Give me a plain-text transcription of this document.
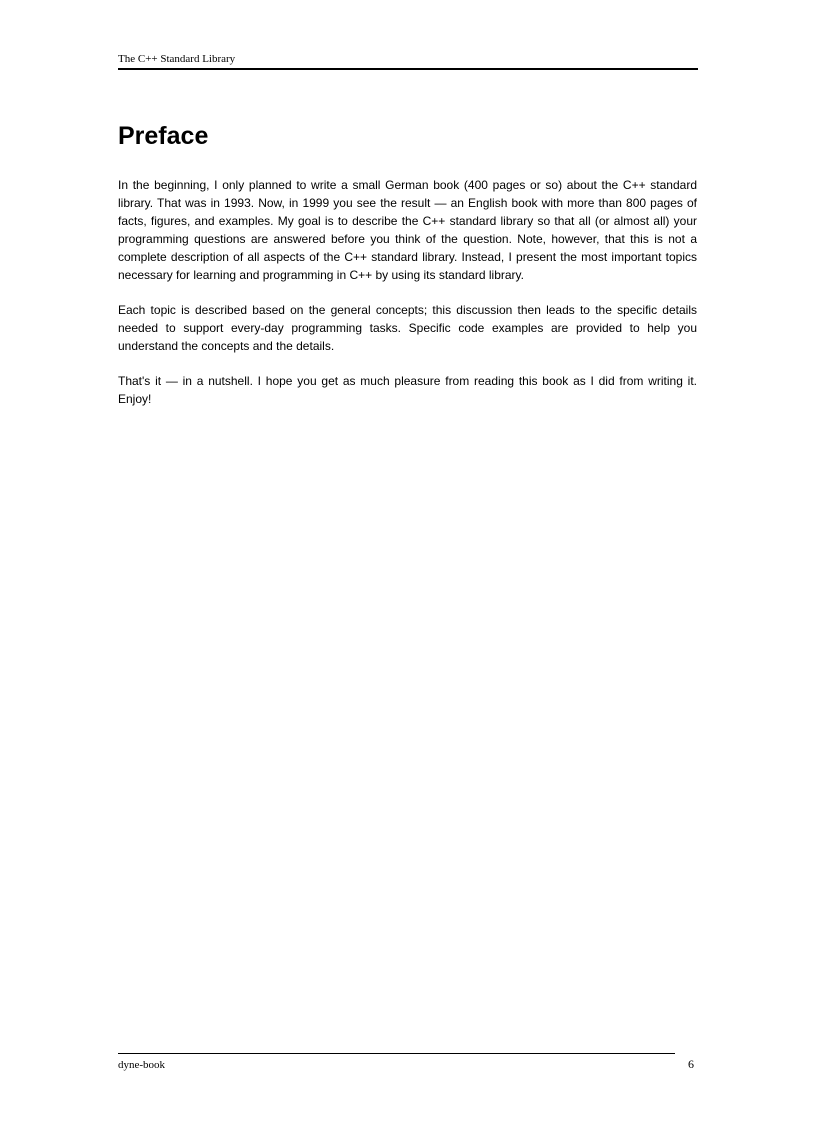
The C++ Standard Library
Preface

In the beginning, I only planned to write a small German book (400 pages or so) about the C++ standard library. That was in 1993. Now, in 1999 you see the result — an English book with more than 800 pages of facts, figures, and examples. My goal is to describe the C++ standard library so that all (or almost all) your programming questions are answered before you think of the question. Note, however, that this is not a complete description of all aspects of the C++ standard library. Instead, I present the most important topics necessary for learning and programming in C++ by using its standard library.

Each topic is described based on the general concepts; this discussion then leads to the specific details needed to support every-day programming tasks. Specific code examples are provided to help you understand the concepts and the details.

That's it — in a nutshell. I hope you get as much pleasure from reading this book as I did from writing it. Enjoy!

dyne-book	6
